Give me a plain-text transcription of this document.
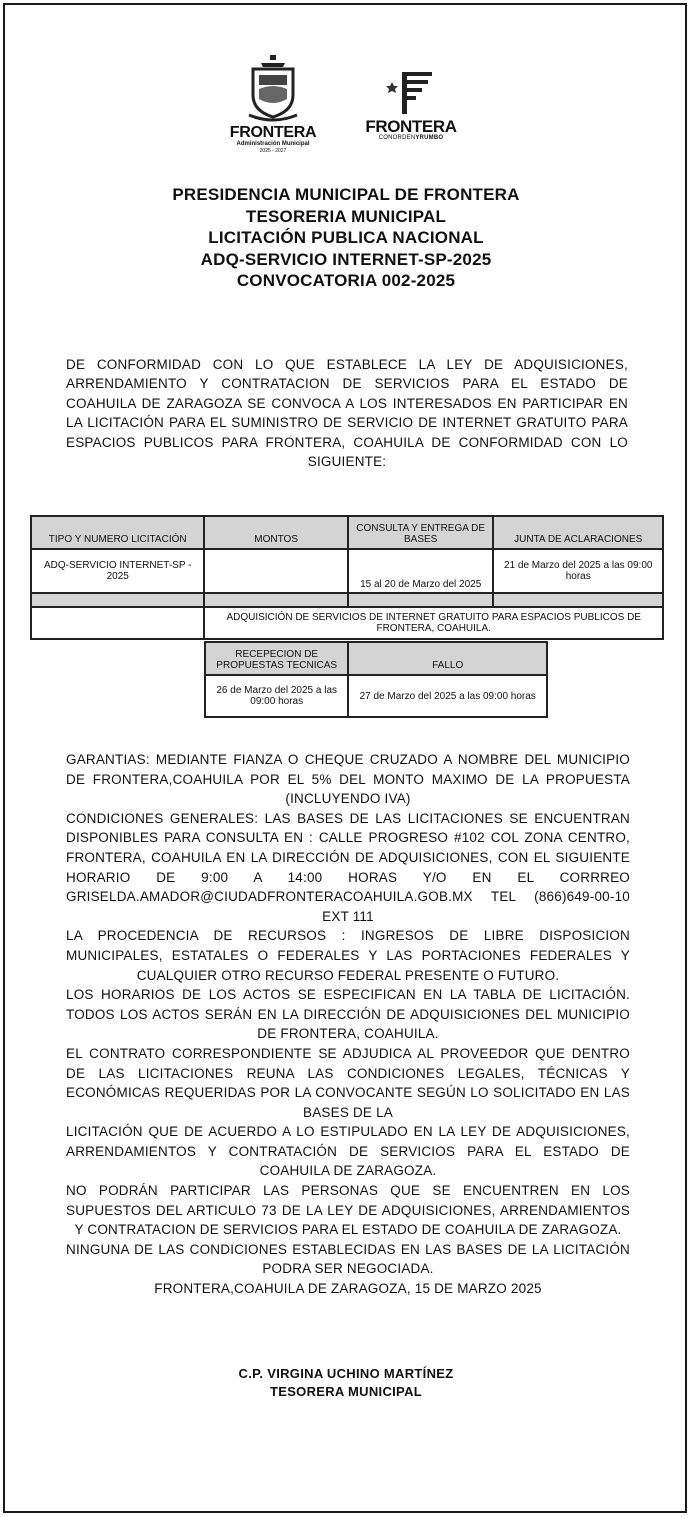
FRONTERA
Administración Municipal
2025 - 2027
FRONTERA
CONORDENYRUMBO
PRESIDENCIA MUNICIPAL DE FRONTERA
TESORERIA MUNICIPAL
LICITACIÓN PUBLICA NACIONAL
ADQ-SERVICIO INTERNET-SP-2025
CONVOCATORIA 002-2025
DE CONFORMIDAD CON LO QUE ESTABLECE LA LEY DE ADQUISICIONES, ARRENDAMIENTO Y CONTRATACION DE SERVICIOS PARA EL ESTADO DE COAHUILA DE ZARAGOZA SE CONVOCA A LOS INTERESADOS EN PARTICIPAR EN LA LICITACIÓN PARA EL SUMINISTRO DE SERVICIO DE INTERNET GRATUITO PARA ESPACIOS PUBLICOS PARA FRONTERA, COAHUILA DE CONFORMIDAD CON LO SIGUIENTE:
TIPO Y NUMERO LICITACIÓN	MONTOS	CONSULTA Y ENTREGA DE BASES	JUNTA DE ACLARACIONES
ADQ-SERVICIO INTERNET-SP - 2025		15 al 20 de Marzo del 2025	21 de Marzo del 2025 a las 09:00 horas

	ADQUISICIÓN DE SERVICIOS DE INTERNET GRATUITO PARA ESPACIOS PUBLICOS DE FRONTERA, COAHUILA.		
RECEPECION DE PROPUESTAS TECNICAS	FALLO
26 de Marzo del 2025 a las 09:00 horas	27 de Marzo del 2025 a las 09:00 horas

GARANTIAS: MEDIANTE FIANZA O CHEQUE CRUZADO A NOMBRE DEL MUNICIPIO DE FRONTERA,COAHUILA POR EL 5% DEL MONTO MAXIMO DE LA PROPUESTA (INCLUYENDO IVA)

CONDICIONES GENERALES: LAS BASES DE LAS LICITACIONES SE ENCUENTRAN DISPONIBLES PARA CONSULTA EN : CALLE PROGRESO #102 COL ZONA CENTRO, FRONTERA, COAHUILA EN LA DIRECCIÓN DE ADQUISICIONES, CON EL SIGUIENTE HORARIO DE 9:00 A 14:00 HORAS Y/O EN EL CORRREO GRISELDA.AMADOR@CIUDADFRONTERACOAHUILA.GOB.MX TEL (866)649-00-10 EXT 111

LA PROCEDENCIA DE RECURSOS : INGRESOS DE LIBRE DISPOSICION MUNICIPALES, ESTATALES O FEDERALES Y LAS PORTACIONES FEDERALES Y CUALQUIER OTRO RECURSO FEDERAL PRESENTE O FUTURO.

LOS HORARIOS DE LOS ACTOS SE ESPECIFICAN EN LA TABLA DE LICITACIÓN. TODOS LOS ACTOS SERÁN EN LA DIRECCIÓN DE ADQUISICIONES DEL MUNICIPIO DE FRONTERA, COAHUILA.

EL CONTRATO CORRESPONDIENTE SE ADJUDICA AL PROVEEDOR QUE DENTRO DE LAS LICITACIONES REUNA LAS CONDICIONES LEGALES, TÉCNICAS Y ECONÓMICAS REQUERIDAS POR LA CONVOCANTE SEGÚN LO SOLICITADO EN LAS BASES DE LA

LICITACIÓN QUE DE ACUERDO A LO ESTIPULADO EN LA LEY DE ADQUISICIONES, ARRENDAMIENTOS Y CONTRATACIÓN DE SERVICIOS PARA EL ESTADO DE COAHUILA DE ZARAGOZA.

NO PODRÁN PARTICIPAR LAS PERSONAS QUE SE ENCUENTREN EN LOS SUPUESTOS DEL ARTICULO 73 DE LA LEY DE ADQUISICIONES, ARRENDAMIENTOS Y CONTRATACION DE SERVICIOS PARA EL ESTADO DE COAHUILA DE ZARAGOZA.

NINGUNA DE LAS CONDICIONES ESTABLECIDAS EN LAS BASES DE LA LICITACIÓN PODRA SER NEGOCIADA.

FRONTERA,COAHUILA DE ZARAGOZA, 15 DE MARZO 2025

C.P. VIRGINA UCHINO MARTÍNEZ
TESORERA MUNICIPAL
